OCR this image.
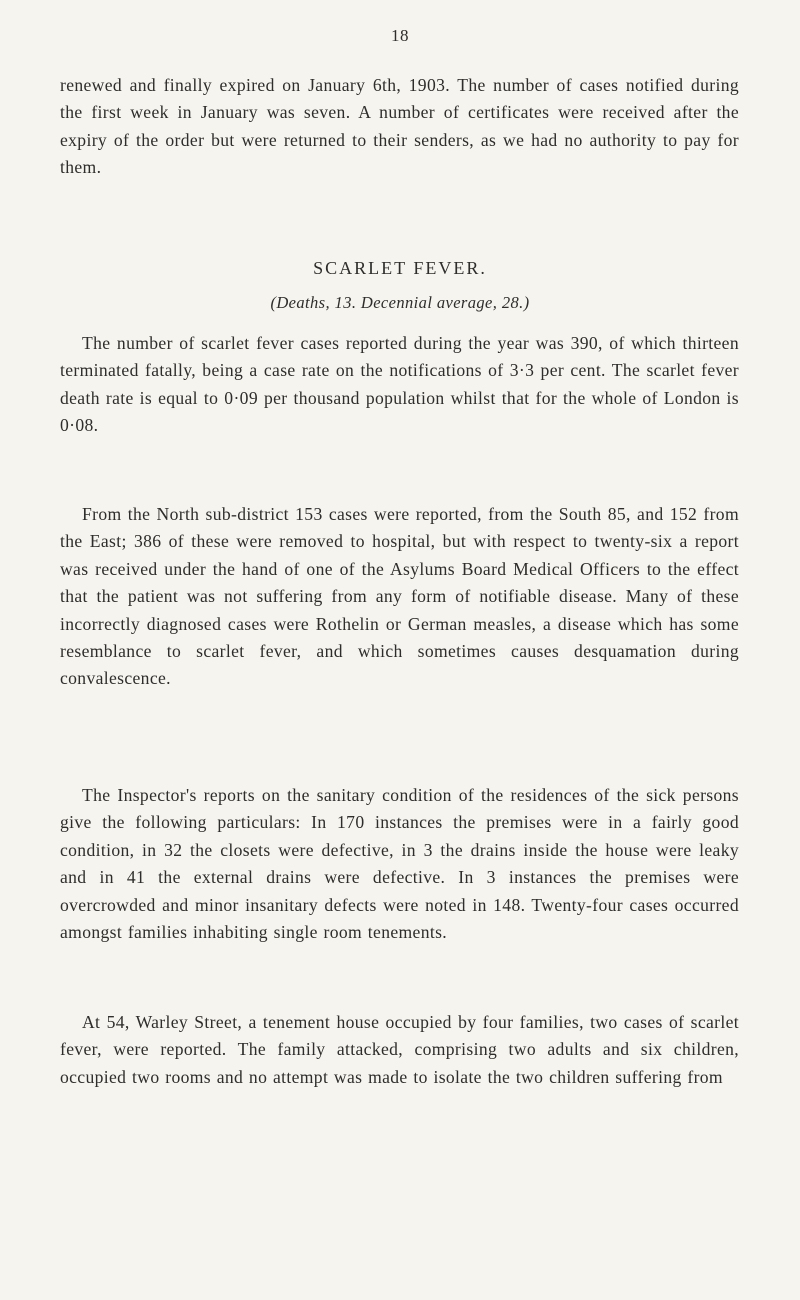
18

renewed and finally expired on January 6th, 1903. The number of cases notified during the first week in January was seven. A number of certificates were received after the expiry of the order but were returned to their senders, as we had no authority to pay for them.

SCARLET FEVER.
(Deaths, 13. Decennial average, 28.)

The number of scarlet fever cases reported during the year was 390, of which thirteen terminated fatally, being a case rate on the notifications of 3·3 per cent. The scarlet fever death rate is equal to 0·09 per thousand population whilst that for the whole of London is 0·08.

From the North sub-district 153 cases were reported, from the South 85, and 152 from the East; 386 of these were removed to hospital, but with respect to twenty-six a report was received under the hand of one of the Asylums Board Medical Officers to the effect that the patient was not suffering from any form of notifiable disease. Many of these incorrectly diagnosed cases were Rothelin or German measles, a disease which has some resemblance to scarlet fever, and which sometimes causes desquamation during convalescence.

The Inspector's reports on the sanitary condition of the residences of the sick persons give the following particulars: In 170 instances the premises were in a fairly good condition, in 32 the closets were defective, in 3 the drains inside the house were leaky and in 41 the external drains were defective. In 3 instances the premises were overcrowded and minor insanitary defects were noted in 148. Twenty-four cases occurred amongst families inhabiting single room tenements.

At 54, Warley Street, a tenement house occupied by four families, two cases of scarlet fever, were reported. The family attacked, comprising two adults and six children, occupied two rooms and no attempt was made to isolate the two children suffering from
